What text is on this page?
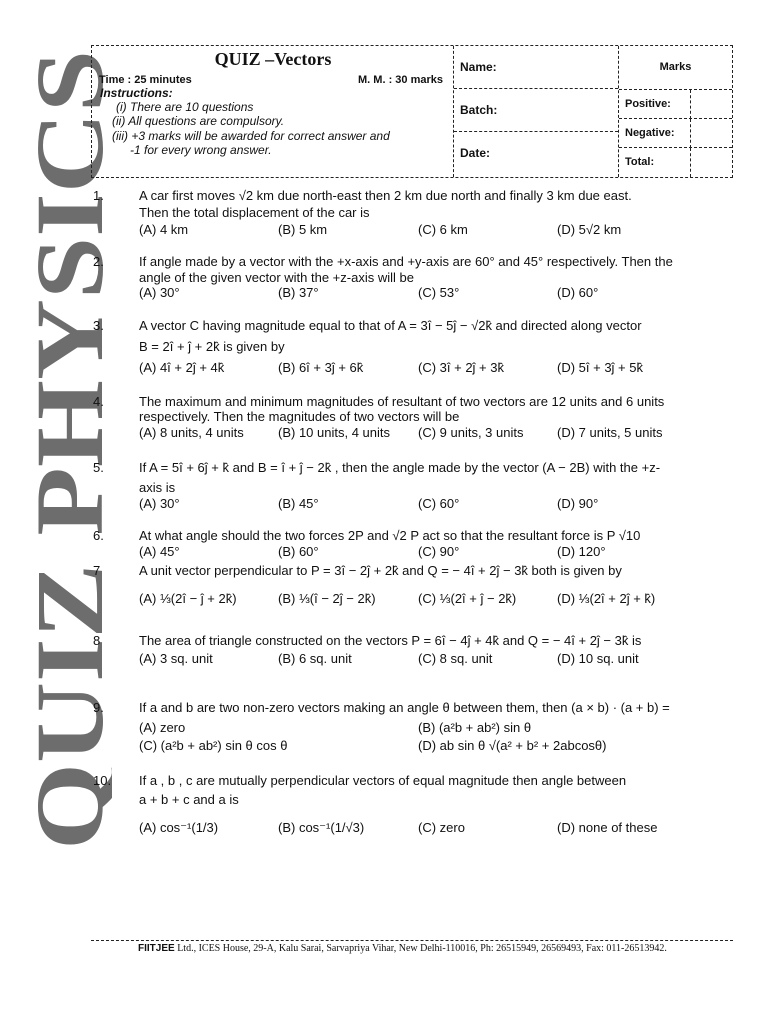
QUIZ PHYSICS
QUIZ –Vectors
Time : 25 minutes	M. M. : 30 marks
Instructions:
(i) There are 10 questions
(ii) All questions are compulsory.
(iii) +3 marks will be awarded for correct answer and
-1 for every wrong answer.
Name:
Batch:
Date:
Marks
Positive:
Negative:
Total:
1.	A car first moves √2 km due north-east then 2 km due north and finally 3 km due east.
Then the total displacement of the car is
(A) 4 km	(B) 5 km	(C) 6 km	(D) 5√2 km
2.	If angle made by a vector with the +x-axis and +y-axis are 60° and 45° respectively. Then the
angle of the given vector with the +z-axis will be
(A) 30°	(B) 37°	(C) 53°	(D) 60°
3.	A vector C having magnitude equal to that of A = 3î − 5ĵ − √2k̂ and directed along vector
B = 2î + ĵ + 2k̂ is given by
(A) 4î + 2ĵ + 4k̂	(B) 6î + 3ĵ + 6k̂	(C) 3î + 2ĵ + 3k̂	(D) 5î + 3ĵ + 5k̂
4.	The maximum and minimum magnitudes of resultant of two vectors are 12 units and 6 units
respectively. Then the magnitudes of two vectors will be
(A) 8 units, 4 units	(B) 10 units, 4 units (C) 9 units, 3 units	(D) 7 units, 5 units
5.	If A = 5î + 6ĵ + k̂ and B = î + ĵ − 2k̂ , then the angle made by the vector (A − 2B) with the +z-
axis is
(A) 30°	(B) 45°	(C) 60°	(D) 90°
6.	At what angle should the two forces 2P and √2 P act so that the resultant force is P √10
(A) 45°	(B) 60°	(C) 90°	(D) 120°
7	A unit vector perpendicular to P = 3î − 2ĵ + 2k̂ and Q = − 4î + 2ĵ − 3k̂ both is given by
(A) ⅓(2î − ĵ + 2k̂)	(B) ⅓(î − 2ĵ − 2k̂)	(C) ⅓(2î + ĵ − 2k̂)	(D) ⅓(2î + 2ĵ + k̂)
8	The area of triangle constructed on the vectors P = 6î − 4ĵ + 4k̂ and Q = − 4î + 2ĵ − 3k̂ is
(A) 3 sq. unit	(B) 6 sq. unit	(C) 8 sq. unit	(D) 10 sq. unit
9.	If a and b are two non-zero vectors making an angle θ between them, then (a × b) · (a + b) =
(A) zero	(B) (a²b + ab²) sin θ
(C) (a²b + ab²) sin θ cos θ	(D) ab sin θ √(a² + b² + 2abcosθ)
10. If a , b , c are mutually perpendicular vectors of equal magnitude then angle between
a + b + c and a is
(A) cos⁻¹(1/3)	(B) cos⁻¹(1/√3)	(C) zero	(D) none of these
FIITJEE Ltd., ICES House, 29-A, Kalu Sarai, Sarvapriya Vihar, New Delhi-110016, Ph: 26515949, 26569493, Fax: 011-26513942.
